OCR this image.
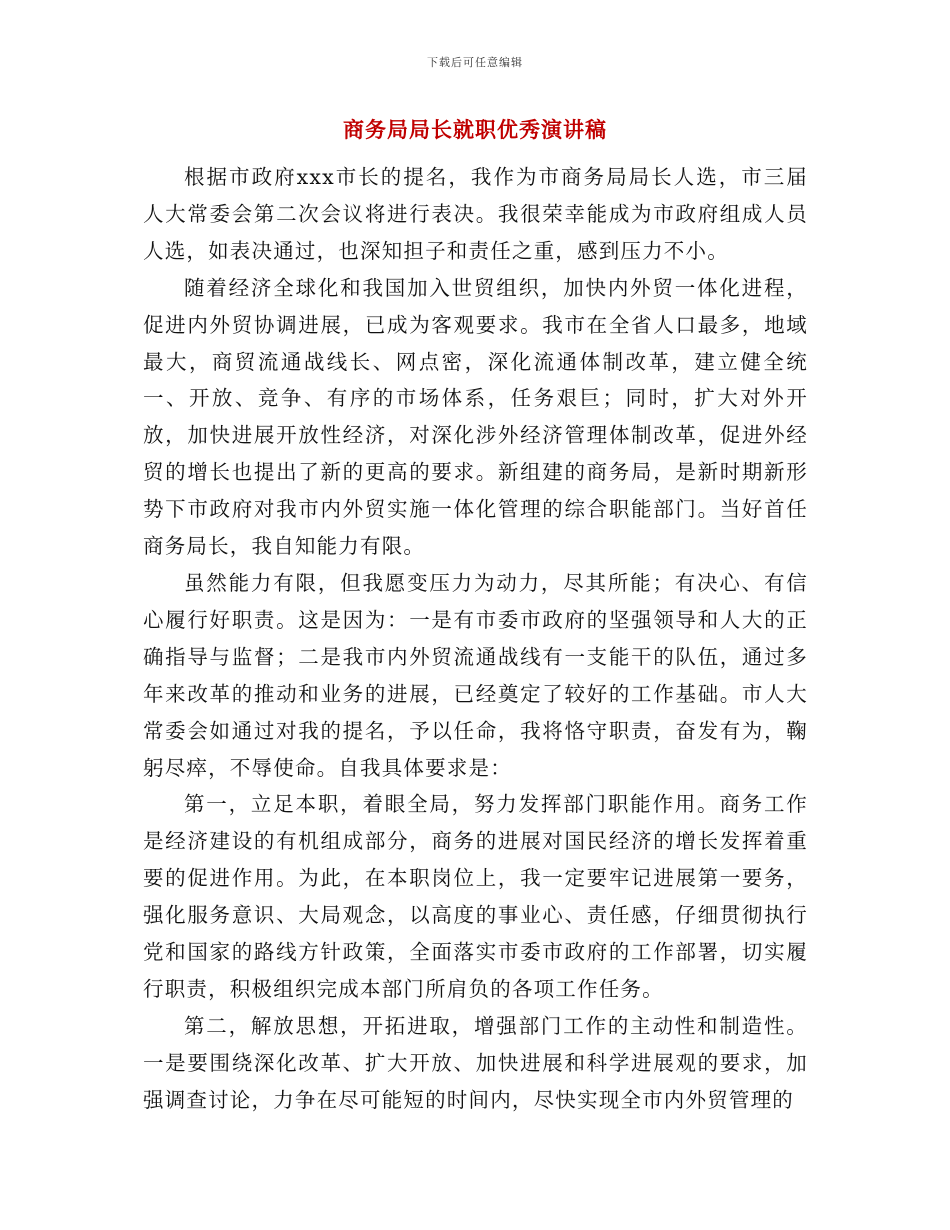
下载后可任意编辑
商务局局长就职优秀演讲稿

根据市政府xxx市长的提名，我作为市商务局局长人选，市三届人大常委会第二次会议将进行表决。我很荣幸能成为市政府组成人员人选，如表决通过，也深知担子和责任之重，感到压力不小。

随着经济全球化和我国加入世贸组织，加快内外贸一体化进程，促进内外贸协调进展，已成为客观要求。我市在全省人口最多，地域最大，商贸流通战线长、网点密，深化流通体制改革，建立健全统一、开放、竞争、有序的市场体系，任务艰巨；同时，扩大对外开放，加快进展开放性经济，对深化涉外经济管理体制改革，促进外经贸的增长也提出了新的更高的要求。新组建的商务局，是新时期新形势下市政府对我市内外贸实施一体化管理的综合职能部门。当好首任商务局长，我自知能力有限。

虽然能力有限，但我愿变压力为动力，尽其所能；有决心、有信心履行好职责。这是因为：一是有市委市政府的坚强领导和人大的正确指导与监督；二是我市内外贸流通战线有一支能干的队伍，通过多年来改革的推动和业务的进展，已经奠定了较好的工作基础。市人大常委会如通过对我的提名，予以任命，我将恪守职责，奋发有为，鞠躬尽瘁，不辱使命。自我具体要求是：

第一，立足本职，着眼全局，努力发挥部门职能作用。商务工作是经济建设的有机组成部分，商务的进展对国民经济的增长发挥着重要的促进作用。为此，在本职岗位上，我一定要牢记进展第一要务，强化服务意识、大局观念，以高度的事业心、责任感，仔细贯彻执行党和国家的路线方针政策，全面落实市委市政府的工作部署，切实履行职责，积极组织完成本部门所肩负的各项工作任务。

第二，解放思想，开拓进取，增强部门工作的主动性和制造性。一是要围绕深化改革、扩大开放、加快进展和科学进展观的要求，加强调查讨论，力争在尽可能短的时间内，尽快实现全市内外贸管理的
